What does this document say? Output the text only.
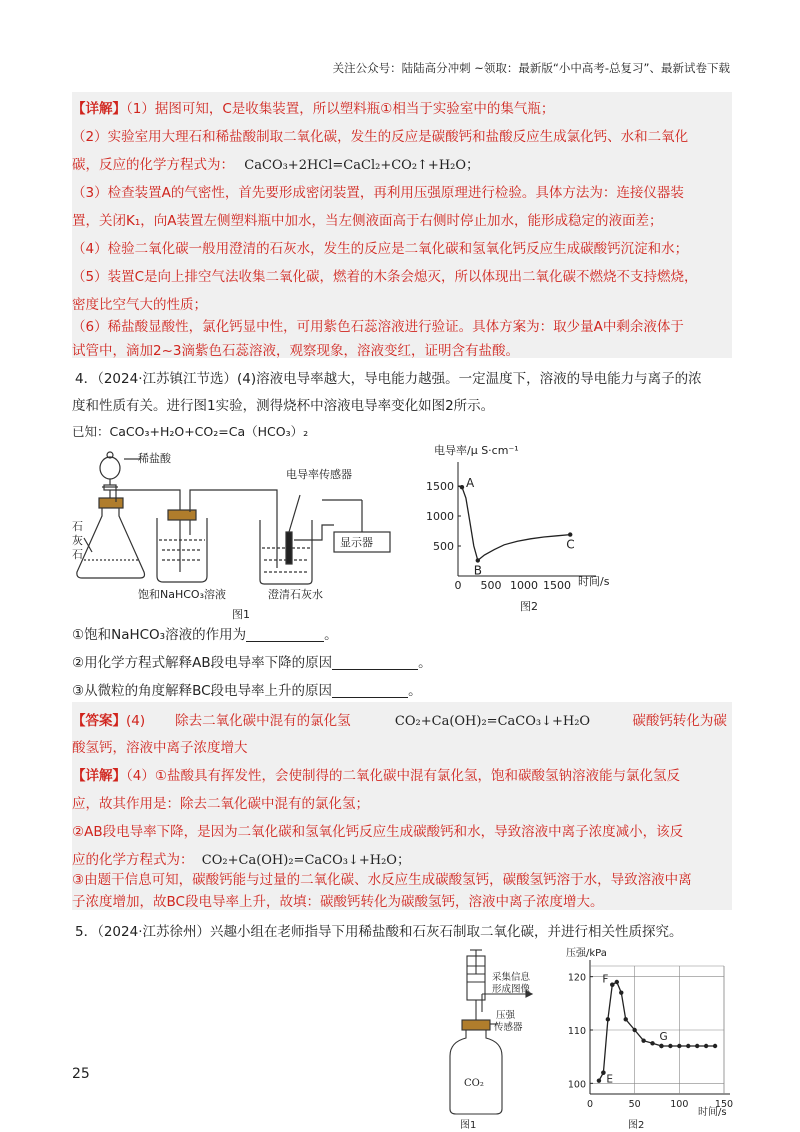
关注公众号：陆陆高分冲刺 ~领取：最新版“小中高考-总复习”、最新试卷下载
【详解】（1）据图可知，C是收集装置，所以塑料瓶①相当于实验室中的集气瓶；
（2）实验室用大理石和稀盐酸制取二氧化碳，发生的反应是碳酸钙和盐酸反应生成氯化钙、水和二氧化
碳，反应的化学方程式为： CaCO₃+2HCl=CaCl₂+CO₂↑+H₂O；
（3）检查装置A的气密性，首先要形成密闭装置，再利用压强原理进行检验。具体方法为：连接仪器装
置，关闭K₁，向A装置左侧塑料瓶中加水，当左侧液面高于右侧时停止加水，能形成稳定的液面差；
（4）检验二氧化碳一般用澄清的石灰水，发生的反应是二氧化碳和氢氧化钙反应生成碳酸钙沉淀和水；
（5）装置C是向上排空气法收集二氧化碳，燃着的木条会熄灭，所以体现出二氧化碳不燃烧不支持燃烧，
密度比空气大的性质；
（6）稀盐酸显酸性，氯化钙显中性，可用紫色石蕊溶液进行验证。具体方案为：取少量A中剩余液体于
试管中，滴加2~3滴紫色石蕊溶液，观察现象，溶液变红，证明含有盐酸。
4．（2024·江苏镇江节选）(4)溶液电导率越大，导电能力越强。一定温度下，溶液的导电能力与离子的浓
度和性质有关。进行图1实验，测得烧杯中溶液电导率变化如图2所示。
已知：CaCO₃+H₂O+CO₂=Ca（HCO₃）₂
稀盐酸
石
灰
石
电导率传感器
显示器
饱和NaHCO₃溶液	澄清石灰水
图1
0 500 1000 1500
500
1000
1500 A
B
C
电导率/μ S·cm⁻¹
时间/s
图2
①饱和NaHCO₃溶液的作用为	。
②用化学方程式解释AB段电导率下降的原因	。
③从微粒的角度解释BC段电导率上升的原因	。
【答案】(4) 除去二氧化碳中混有的氯化氢	CO₂+Ca(OH)₂=CaCO₃↓+H₂O	碳酸钙转化为碳
酸氢钙，溶液中离子浓度增大
【详解】（4）①盐酸具有挥发性，会使制得的二氧化碳中混有氯化氢，饱和碳酸氢钠溶液能与氯化氢反
应，故其作用是：除去二氧化碳中混有的氯化氢；
②AB段电导率下降，是因为二氧化碳和氢氧化钙反应生成碳酸钙和水，导致溶液中离子浓度减小，该反
应的化学方程式为： CO₂+Ca(OH)₂=CaCO₃↓+H₂O；
③由题干信息可知，碳酸钙能与过量的二氧化碳、水反应生成碳酸氢钙，碳酸氢钙溶于水，导致溶液中离
子浓度增加，故BC段电导率上升，故填：碳酸钙转化为碳酸氢钙，溶液中离子浓度增大。
5．（2024·江苏徐州）兴趣小组在老师指导下用稀盐酸和石灰石制取二氧化碳，并进行相关性质探究。
采集信息
形成图像
压强
传感器
CO₂
图1
0	50	100	150
100
110
120
E
F
G
压强/kPa
时间/s
图2
25
